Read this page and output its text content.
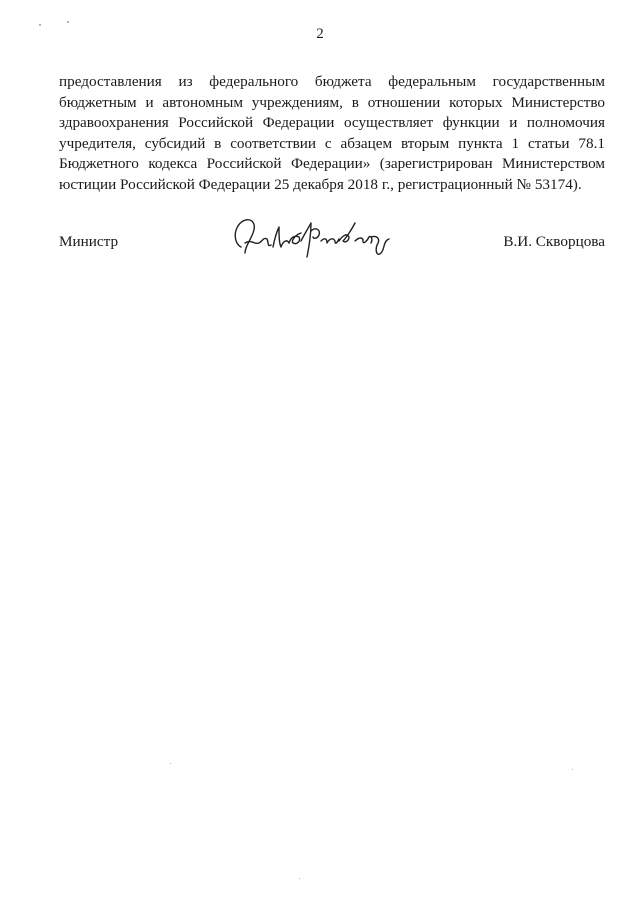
2

предоставления из федерального бюджета федеральным государственным бюджетным и автономным учреждениям, в отношении которых Министерство здравоохранения Российской Федерации осуществляет функции и полномочия учредителя, субсидий в соответствии с абзацем вторым пункта 1 статьи 78.1 Бюджетного кодекса Российской Федерации» (зарегистрирован Министерством юстиции Российской Федерации 25 декабря 2018 г., регистрационный № 53174).

Министр	В.И. Скворцова
